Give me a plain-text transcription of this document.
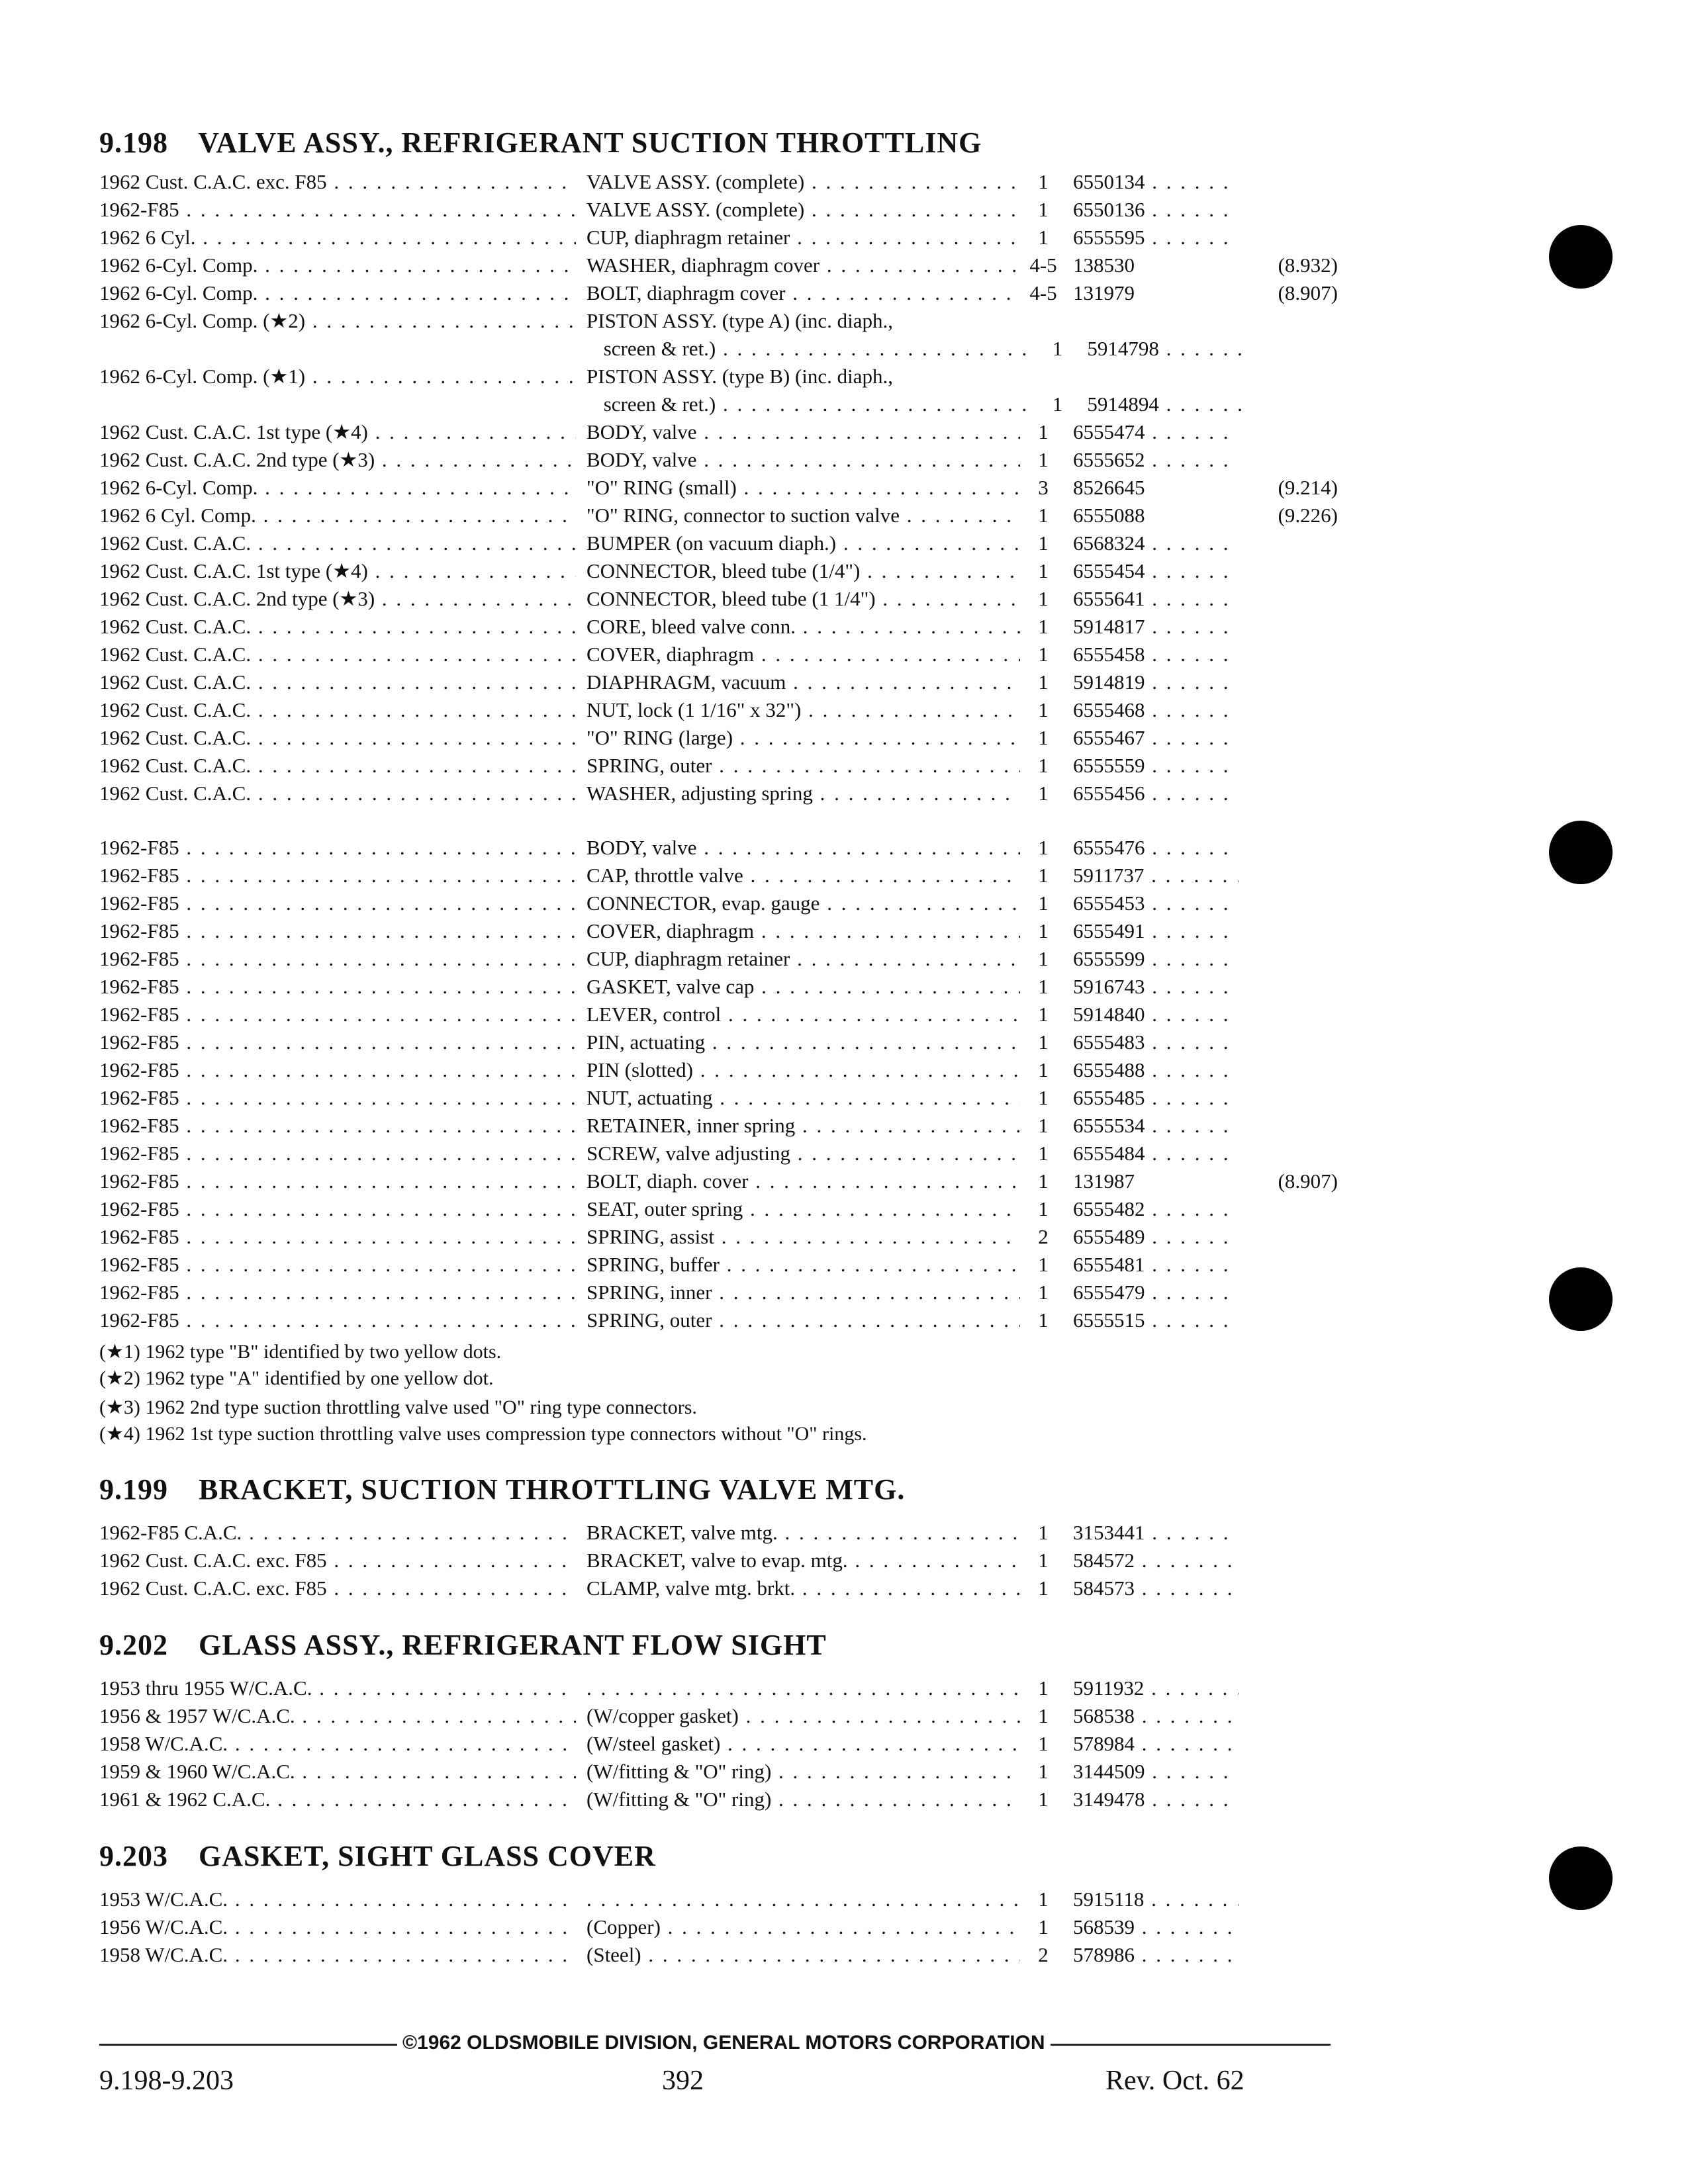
9.198 VALVE ASSY., REFRIGERANT SUCTION THROTTLING
1962 Cust. C.A.C. exc. F85 . . .	VALVE ASSY. (complete) . . .	1	6550134 . . .
1962-F85 . . .	VALVE ASSY. (complete) . . .	1	6550136 . . .
1962 6 Cyl. . . .	CUP, diaphragm retainer . . .	1	6555595 . . .
1962 6-Cyl. Comp. . . .	WASHER, diaphragm cover . . .	4-5 138530	(8.932)
1962 6-Cyl. Comp. . . .	BOLT, diaphragm cover . . .	4-5 131979	(8.907)
1962 6-Cyl. Comp. (★2) . . .	PISTON ASSY. (type A) (inc. diaph.,
screen & ret.) . . .	1	5914798 . . .
1962 6-Cyl. Comp. (★1) . . .	PISTON ASSY. (type B) (inc. diaph.,
screen & ret.) . . .	1	5914894 . . .
1962 Cust. C.A.C. 1st type (★4) . . .	BODY, valve . . .	1	6555474 . . .
1962 Cust. C.A.C. 2nd type (★3) . . .	BODY, valve . . .	1	6555652 . . .
1962 6-Cyl. Comp. . . .	"O" RING (small) . . .	3	8526645	(9.214)
1962 6 Cyl. Comp. . . .	"O" RING, connector to suction valve . . .	1	6555088	(9.226)
1962 Cust. C.A.C. . . .	BUMPER (on vacuum diaph.) . . .	1	6568324 . . .
1962 Cust. C.A.C. 1st type (★4) . . .	CONNECTOR, bleed tube (1/4") . . .	1	6555454 . . .
1962 Cust. C.A.C. 2nd type (★3) . . .	CONNECTOR, bleed tube (1 1/4") . . .	1	6555641 . . .
1962 Cust. C.A.C. . . .	CORE, bleed valve conn. . . .	1	5914817 . . .
1962 Cust. C.A.C. . . .	COVER, diaphragm . . .	1	6555458 . . .
1962 Cust. C.A.C. . . .	DIAPHRAGM, vacuum . . .	1	5914819 . . .
1962 Cust. C.A.C. . . .	NUT, lock (1 1/16" x 32") . . .	1	6555468 . . .
1962 Cust. C.A.C. . . .	"O" RING (large) . . .	1	6555467 . . .
1962 Cust. C.A.C. . . .	SPRING, outer . . .	1	6555559 . . .
1962 Cust. C.A.C. . . .	WASHER, adjusting spring . . .	1	6555456 . . .
1962-F85 . . .	BODY, valve . . .	1	6555476 . . .
1962-F85 . . .	CAP, throttle valve . . .	1	5911737 . . .
1962-F85 . . .	CONNECTOR, evap. gauge . . .	1	6555453 . . .
1962-F85 . . .	COVER, diaphragm . . .	1	6555491 . . .
1962-F85 . . .	CUP, diaphragm retainer . . .	1	6555599 . . .
1962-F85 . . .	GASKET, valve cap . . .	1	5916743 . . .
1962-F85 . . .	LEVER, control . . .	1	5914840 . . .
1962-F85 . . .	PIN, actuating . . .	1	6555483 . . .
1962-F85 . . .	PIN (slotted) . . .	1	6555488 . . .
1962-F85 . . .	NUT, actuating . . .	1	6555485 . . .
1962-F85 . . .	RETAINER, inner spring . . .	1	6555534 . . .
1962-F85 . . .	SCREW, valve adjusting . . .	1	6555484 . . .
1962-F85 . . .	BOLT, diaph. cover . . .	1	131987	(8.907)
1962-F85 . . .	SEAT, outer spring . . .	1	6555482 . . .
1962-F85 . . .	SPRING, assist . . .	2	6555489 . . .
1962-F85 . . .	SPRING, buffer . . .	1	6555481 . . .
1962-F85 . . .	SPRING, inner . . .	1	6555479 . . .
1962-F85 . . .	SPRING, outer . . .	1	6555515 . . .
(★1) 1962 type "B" identified by two yellow dots.
(★2) 1962 type "A" identified by one yellow dot.
(★3) 1962 2nd type suction throttling valve used "O" ring type connectors.
(★4) 1962 1st type suction throttling valve uses compression type connectors without "O" rings.
9.199 BRACKET, SUCTION THROTTLING VALVE MTG.
1962-F85 C.A.C. . . .	BRACKET, valve mtg. . . .	1	3153441 . . .
1962 Cust. C.A.C. exc. F85 . . .	BRACKET, valve to evap. mtg. . . .	1	584572 . . .
1962 Cust. C.A.C. exc. F85 . . .	CLAMP, valve mtg. brkt. . . .	1	584573 . . .
9.202 GLASS ASSY., REFRIGERANT FLOW SIGHT
1953 thru 1955 W/C.A.C. . . . . . .	1	5911932 . . .
1956 & 1957 W/C.A.C. . . .	(W/copper gasket) . . .	1	568538 . . .
1958 W/C.A.C. . . .	(W/steel gasket) . . .	1	578984 . . .
1959 & 1960 W/C.A.C. . . .	(W/fitting & "O" ring) . . .	1	3144509 . . .
1961 & 1962 C.A.C. . . .	(W/fitting & "O" ring) . . .	1	3149478 . . .
9.203 GASKET, SIGHT GLASS COVER
1953 W/C.A.C. . . . . . .	1	5915118 . . .
1956 W/C.A.C. . . .	(Copper) . . .	1	568539 . . .
1958 W/C.A.C. . . .	(Steel) . . .	2	578986 . . .
©1962 OLDSMOBILE DIVISION, GENERAL MOTORS CORPORATION
9.198-9.203	392	Rev. Oct. 62
